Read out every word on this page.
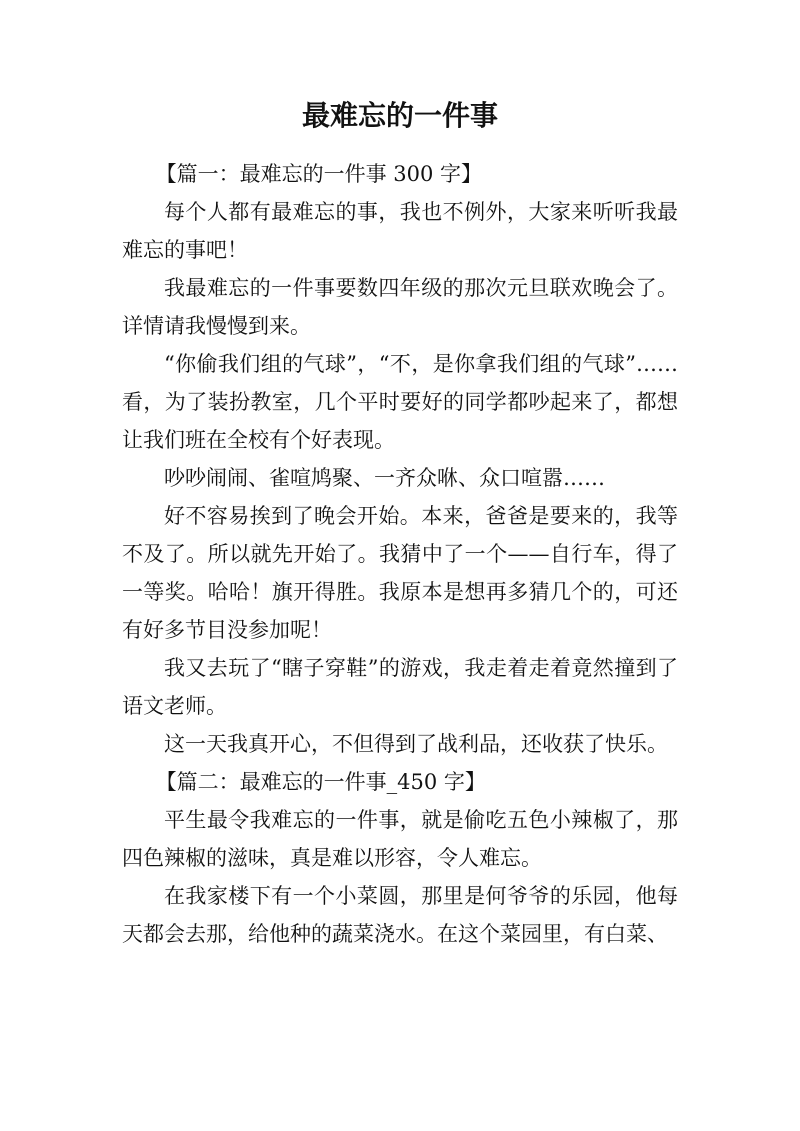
最难忘的一件事

【篇一：最难忘的一件事 300 字】

每个人都有最难忘的事，我也不例外，大家来听听我最难忘的事吧！

我最难忘的一件事要数四年级的那次元旦联欢晚会了。详情请我慢慢到来。

“你偷我们组的气球”，“不，是你拿我们组的气球”……看，为了装扮教室，几个平时要好的同学都吵起来了，都想让我们班在全校有个好表现。

吵吵闹闹、雀喧鸠聚、一齐众咻、众口喧嚣……

好不容易挨到了晚会开始。本来，爸爸是要来的，我等不及了。所以就先开始了。我猜中了一个——自行车，得了一等奖。哈哈！旗开得胜。我原本是想再多猜几个的，可还有好多节目没参加呢！

我又去玩了“瞎子穿鞋”的游戏，我走着走着竟然撞到了语文老师。

这一天我真开心，不但得到了战利品，还收获了快乐。

【篇二：最难忘的一件事_450 字】

平生最令我难忘的一件事，就是偷吃五色小辣椒了，那四色辣椒的滋味，真是难以形容，令人难忘。

在我家楼下有一个小菜圆，那里是何爷爷的乐园，他每天都会去那，给他种的蔬菜浇水。在这个菜园里，有白菜、
